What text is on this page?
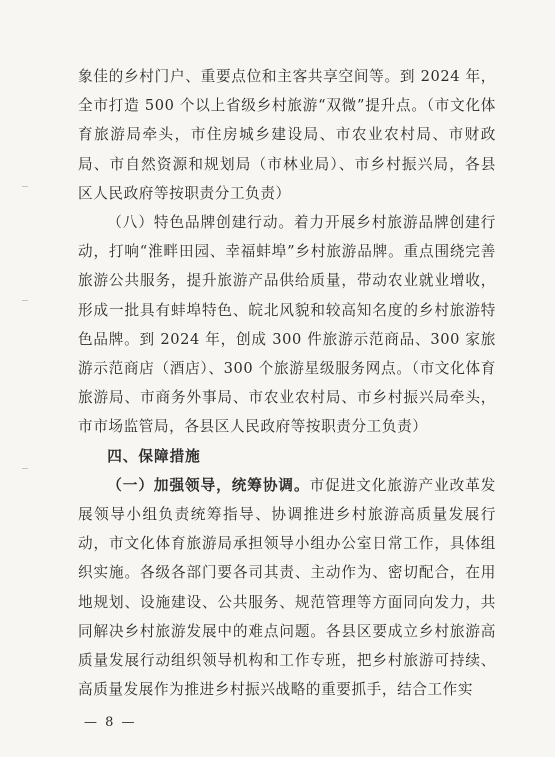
象佳的乡村门户、重要点位和主客共享空间等。到 2024 年，全市打造 500 个以上省级乡村旅游“双微”提升点。（市文化体育旅游局牵头，市住房城乡建设局、市农业农村局、市财政局、市自然资源和规划局（市林业局）、市乡村振兴局，各县区人民政府等按职责分工负责）

（八）特色品牌创建行动。着力开展乡村旅游品牌创建行动，打响“淮畔田园、幸福蚌埠”乡村旅游品牌。重点围绕完善旅游公共服务，提升旅游产品供给质量，带动农业就业增收，形成一批具有蚌埠特色、皖北风貌和较高知名度的乡村旅游特色品牌。到 2024 年，创成 300 件旅游示范商品、300 家旅游示范商店（酒店）、300 个旅游星级服务网点。（市文化体育旅游局、市商务外事局、市农业农村局、市乡村振兴局牵头，市市场监管局，各县区人民政府等按职责分工负责）

四、保障措施

（一）加强领导，统筹协调。市促进文化旅游产业改革发展领导小组负责统筹指导、协调推进乡村旅游高质量发展行动，市文化体育旅游局承担领导小组办公室日常工作，具体组织实施。各级各部门要各司其责、主动作为、密切配合，在用地规划、设施建设、公共服务、规范管理等方面同向发力，共同解决乡村旅游发展中的难点问题。各县区要成立乡村旅游高质量发展行动组织领导机构和工作专班，把乡村旅游可持续、高质量发展作为推进乡村振兴战略的重要抓手，结合工作实

— 8 —
